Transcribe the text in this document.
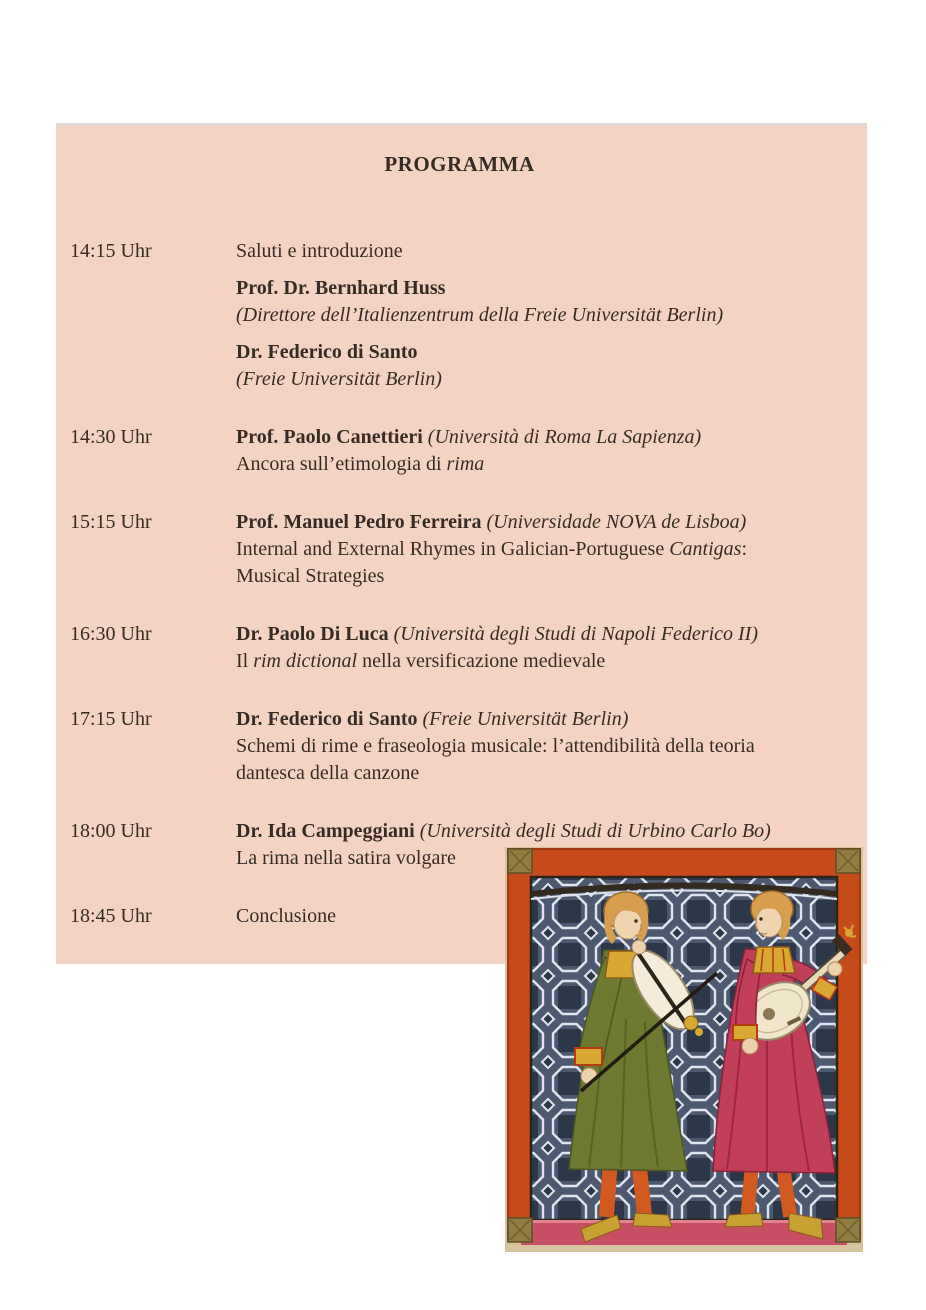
PROGRAMMA
14:15 Uhr	Saluti e introduzione
Prof. Dr. Bernhard Huss
(Direttore dell’Italienzentrum della Freie Universität Berlin)
Dr. Federico di Santo
(Freie Universität Berlin)
14:30 Uhr	Prof. Paolo Canettieri (Università di Roma La Sapienza)
Ancora sull’etimologia di rima
15:15 Uhr	Prof. Manuel Pedro Ferreira (Universidade NOVA de Lisboa)
Internal and External Rhymes in Galician-Portuguese Cantigas:
Musical Strategies
16:30 Uhr	Dr. Paolo Di Luca (Università degli Studi di Napoli Federico II)
Il rim dictional nella versificazione medievale
17:15 Uhr	Dr. Federico di Santo (Freie Universität Berlin)
Schemi di rime e fraseologia musicale: l’attendibilità della teoria
dantesca della canzone
18:00 Uhr	Dr. Ida Campeggiani (Università degli Studi di Urbino Carlo Bo)
La rima nella satira volgare
18:45 Uhr	Conclusione
